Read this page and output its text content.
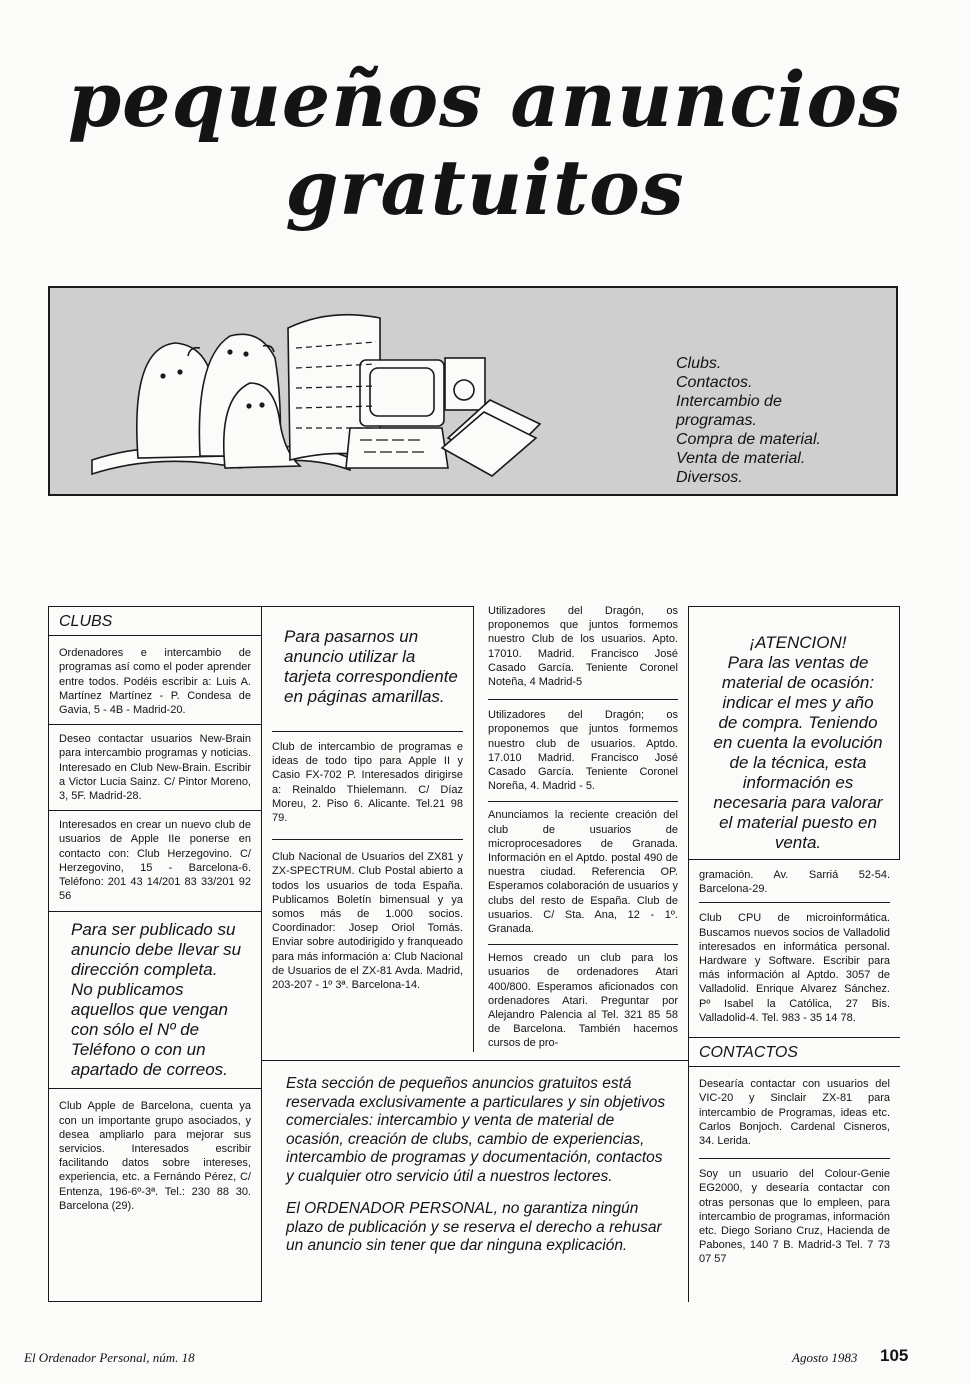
pequeños anuncios
gratuitos
Clubs.
Contactos.
Intercambio de
programas.
Compra de material.
Venta de material.
Diversos.
CLUBS

Ordenadores e intercambio de programas así como el poder aprender entre todos. Podéis escribir a: Luis A. Martínez Martínez - P. Condesa de Gavia, 5 - 4B - Madrid-20.

Deseo contactar usuarios New-Brain para intercambio programas y noticias. Interesado en Club New-Brain. Escribir a Victor Lucia Sainz. C/ Pintor Moreno, 3, 5F. Madrid-28.

Interesados en crear un nuevo club de usuarios de Apple IIe ponerse en contacto con: Club Herzegovino. C/ Herzegovino, 15 - Barcelona-6. Teléfono: 201 43 14/201 83 33/201 92 56

Para ser publicado su anuncio debe llevar su dirección completa. No publicamos aquellos que vengan con sólo el Nº de Teléfono o con un apartado de correos.

Club Apple de Barcelona, cuenta ya con un importante grupo asociados, y desea ampliarlo para mejorar sus servicios. Interesados escribir facilitando datos sobre intereses, experiencia, etc. a Fernándo Pérez, C/ Entenza, 196-6º-3ª. Tel.: 230 88 30. Barcelona (29).

Para pasarnos un anuncio utilizar la tarjeta correspondiente en páginas amarillas.

Club de intercambio de programas e ideas de todo tipo para Apple II y Casio FX-702 P. Interesados dirigirse a: Reinaldo Thielemann. C/ Díaz Moreu, 2. Piso 6. Alicante. Tel.21 98 79.

Club Nacional de Usuarios del ZX81 y ZX-SPECTRUM. Club Postal abierto a todos los usuarios de toda España. Publicamos Boletín bimensual y ya somos más de 1.000 socios. Coordinador: Josep Oriol Tomás. Enviar sobre autodirigido y franqueado para más información a: Club Nacional de Usuarios de el ZX-81 Avda. Madrid, 203-207 - 1º 3ª. Barcelona-14.

Utilizadores del Dragón, os proponemos que juntos formemos nuestro Club de los usuarios. Apto. 17010. Madrid. Francisco José Casado García. Teniente Coronel Noteña, 4 Madrid-5

Utilizadores del Dragón; os proponemos que juntos formemos nuestro club de usuarios. Aptdo. 17.010 Madrid. Francisco José Casado García. Teniente Coronel Noreña, 4. Madrid - 5.

Anunciamos la reciente creación del club de usuarios de microprocesadores de Granada. Información en el Aptdo. postal 490 de nuestra ciudad. Referencia OP. Esperamos colaboración de usuarios y clubs del resto de España. Club de usuarios. C/ Sta. Ana, 12 - 1º. Granada.

Hemos creado un club para los usuarios de ordenadores Atari 400/800. Esperamos aficionados con ordenadores Atari. Preguntar por Alejandro Palencia al Tel. 321 85 58 de Barcelona. También hacemos cursos de pro-

¡ATENCION!
Para las ventas de material de ocasión: indicar el mes y año de compra. Teniendo en cuenta la evolución de la técnica, esta información es necesaria para valorar el material puesto en venta.

gramación. Av. Sarriá 52-54. Barcelona-29.

Club CPU de microinformática. Buscamos nuevos socios de Valladolid interesados en informática personal. Hardware y Software. Escribir para más información al Aptdo. 3057 de Valladolid. Enrique Alvarez Sánchez. Pº Isabel la Católica, 27 Bis. Valladolid-4. Tel. 983 - 35 14 78.

CONTACTOS

Desearía contactar con usuarios del VIC-20 y Sinclair ZX-81 para intercambio de Programas, ideas etc. Carlos Bonjoch. Cardenal Cisneros, 34. Lerida.

Soy un usuario del Colour-Genie EG2000, y desearía contactar con otras personas que lo empleen, para intercambio de programas, información etc. Diego Soriano Cruz, Hacienda de Pabones, 140 7 B. Madrid-3 Tel. 7 73 07 57

Esta sección de pequeños anuncios gratuitos está reservada exclusivamente a particulares y sin objetivos comerciales: intercambio y venta de material de ocasión, creación de clubs, cambio de experiencias, intercambio de programas y documentación, contactos y cualquier otro servicio útil a nuestros lectores.

El ORDENADOR PERSONAL, no garantiza ningún plazo de publicación y se reserva el derecho a rehusar un anuncio sin tener que dar ninguna explicación.

El Ordenador Personal, núm. 18	Agosto 1983 105
